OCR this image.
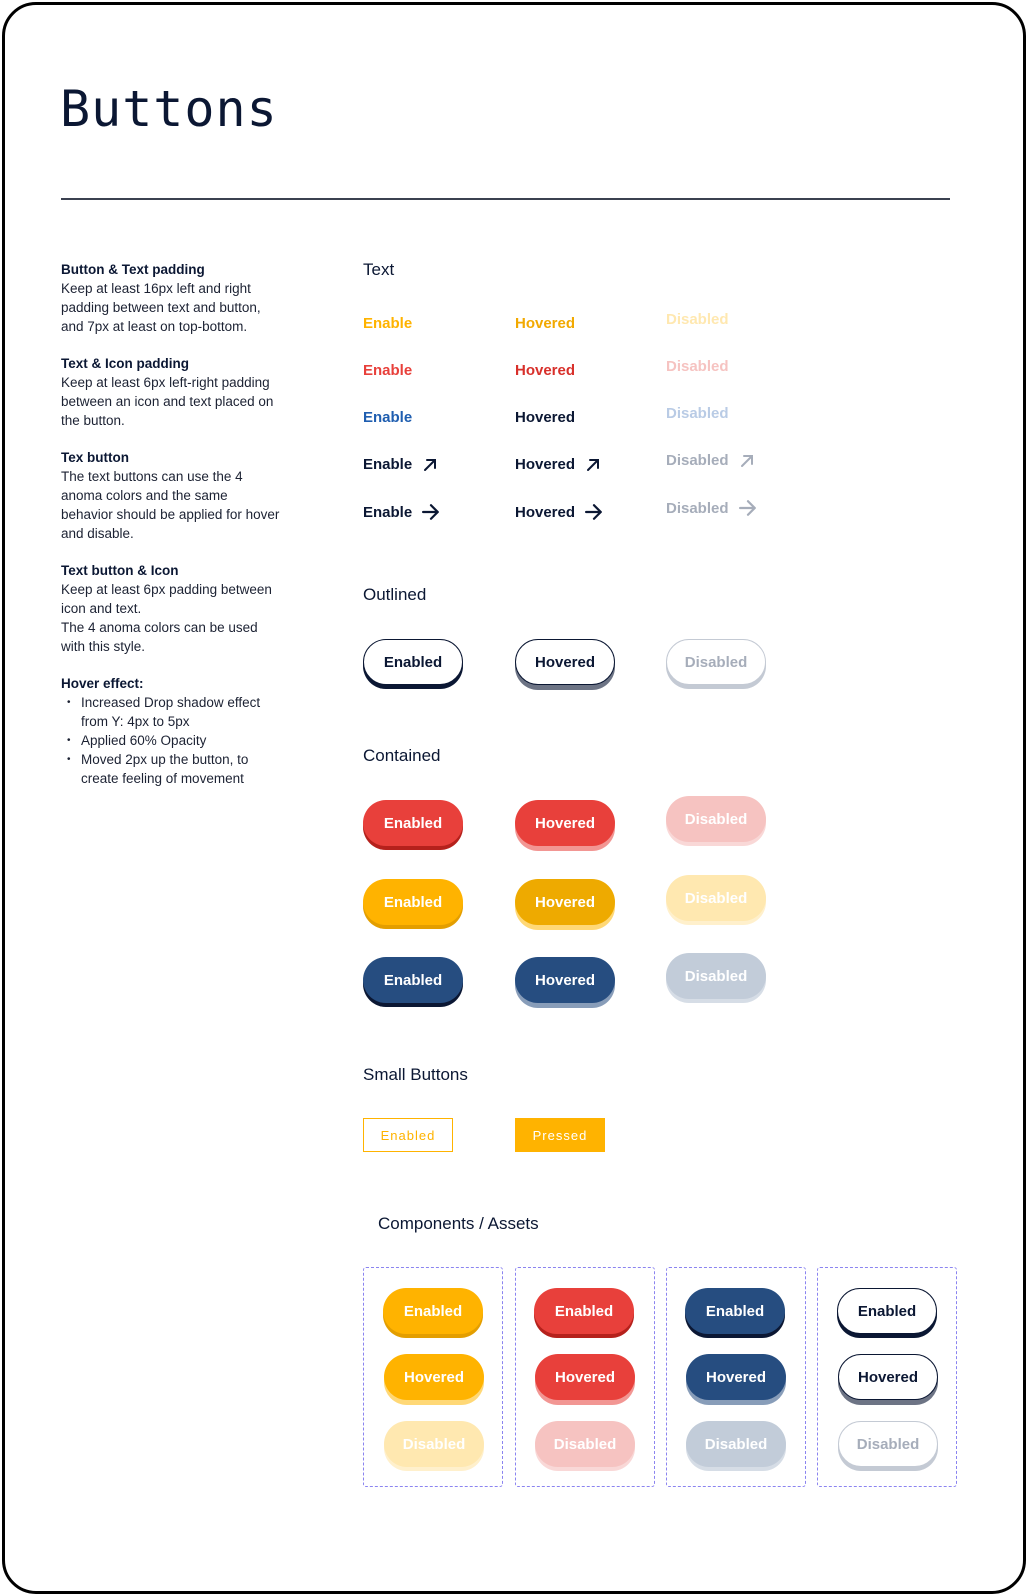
Buttons
Button & Text padding

Keep at least 16px left and right padding between text and button, and 7px at least on top-bottom.

Text & Icon padding

Keep at least 6px left-right padding between an icon and text placed on the button.

Tex button

The text buttons can use the 4 anoma colors and the same behavior should be applied for hover and disable.

Text button & Icon

Keep at least 6px padding between icon and text.
The 4 anoma colors can be used with this style.

Hover effect:
• Increased Drop shadow effect from Y: 4px to 5px
• Applied 60% Opacity
• Moved 2px up the button, to create feeling of movement
Text
Enable	Hovered	Disabled
Enable	Hovered	Disabled
Enable	Hovered	Disabled
Enable	Hovered	Disabled
Enable	Hovered	Disabled
Outlined
Enabled	Hovered	Disabled
Contained
Enabled	Hovered	Disabled
Enabled	Hovered	Disabled
Enabled	Hovered	Disabled
Small Buttons
Enabled	Pressed
Components / Assets
Enabled
Hovered
Disabled
Enabled
Hovered
Disabled
Enabled
Hovered
Disabled
Enabled
Hovered
Disabled
